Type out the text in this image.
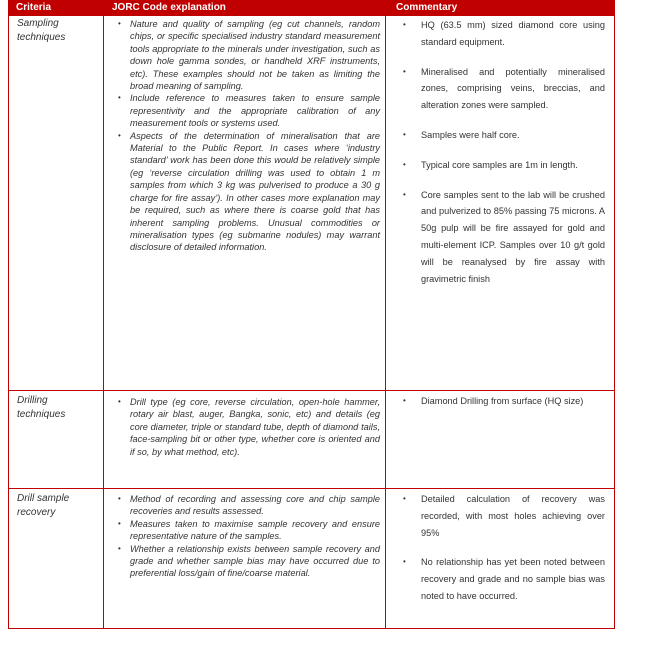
Criteria	JORC Code explanation	Commentary
Sampling
techniques
• Nature and quality of sampling (eg cut channels, random chips, or specific specialised industry standard measurement tools appropriate to the minerals under investigation, such as down hole gamma sondes, or handheld XRF instruments, etc). These examples should not be taken as limiting the broad meaning of sampling.
• Include reference to measures taken to ensure sample representivity and the appropriate calibration of any measurement tools or systems used.
• Aspects of the determination of mineralisation that are Material to the Public Report. In cases where ‘industry standard’ work has been done this would be relatively simple (eg ‘reverse circulation drilling was used to obtain 1 m samples from which 3 kg was pulverised to produce a 30 g charge for fire assay’). In other cases more explanation may be required, such as where there is coarse gold that has inherent sampling problems. Unusual commodities or mineralisation types (eg submarine nodules) may warrant disclosure of detailed information.
• HQ (63.5 mm) sized diamond core using standard equipment.
• Mineralised and potentially mineralised zones, comprising veins, breccias, and alteration zones were sampled.
• Samples were half core.
• Typical core samples are 1m in length.
• Core samples sent to the lab will be crushed and pulverized to 85% passing 75 microns. A 50g pulp will be fire assayed for gold and multi-element ICP. Samples over 10 g/t gold will be reanalysed by fire assay with gravimetric finish
Drilling
techniques
• Drill type (eg core, reverse circulation, open-hole hammer, rotary air blast, auger, Bangka, sonic, etc) and details (eg core diameter, triple or standard tube, depth of diamond tails, face-sampling bit or other type, whether core is oriented and if so, by what method, etc).
• Diamond Drilling from surface (HQ size)
Drill sample
recovery
• Method of recording and assessing core and chip sample recoveries and results assessed.
• Measures taken to maximise sample recovery and ensure representative nature of the samples.
• Whether a relationship exists between sample recovery and grade and whether sample bias may have occurred due to preferential loss/gain of fine/coarse material.
• Detailed calculation of recovery was recorded, with most holes achieving over 95%
• No relationship has yet been noted between recovery and grade and no sample bias was noted to have occurred.
